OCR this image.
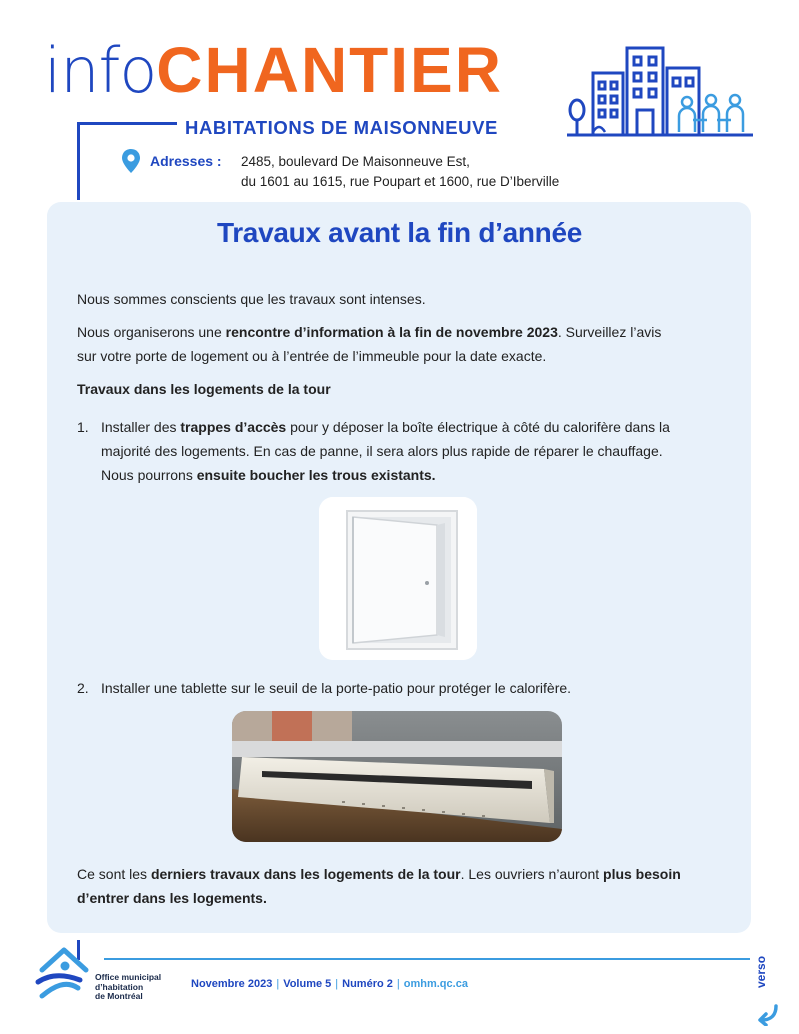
info CHANTIER
HABITATIONS DE MAISONNEUVE
Adresses : 2485, boulevard De Maisonneuve Est,
du 1601 au 1615, rue Poupart et 1600, rue D’Iberville
Travaux avant la fin d’année
Nous sommes conscients que les travaux sont intenses.
Nous organiserons une rencontre d’information à la fin de novembre 2023. Surveillez l’avis
sur votre porte de logement ou à l’entrée de l’immeuble pour la date exacte.
Travaux dans les logements de la tour
1. Installer des trappes d’accès pour y déposer la boîte électrique à côté du calorifère dans la
majorité des logements. En cas de panne, il sera alors plus rapide de réparer le chauffage.
Nous pourrons ensuite boucher les trous existants.
2. Installer une tablette sur le seuil de la porte-patio pour protéger le calorifère.
Ce sont les derniers travaux dans les logements de la tour. Les ouvriers n’auront plus besoin
d’entrer dans les logements.
Office municipal
d’habitation
de Montréal
Novembre 2023 | Volume 5 | Numéro 2 | omhm.qc.ca	verso
